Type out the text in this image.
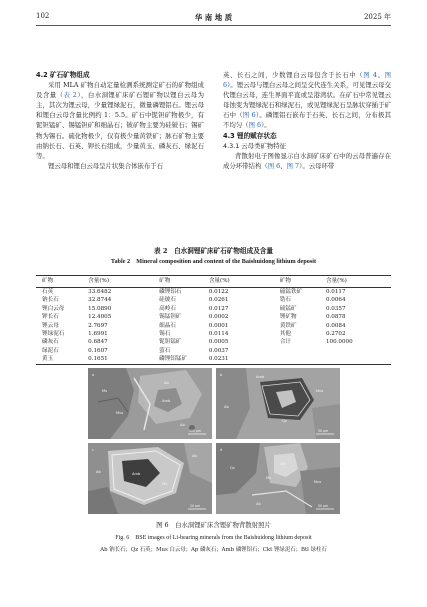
102	华 南 地 质	2025 年

4.2 矿石矿物组成

采用 MLA 矿物自动定量检测系统测定矿石的矿物组成及含量（表 2），白水洞锂矿床矿石锂矿物以锂白云母为主，其次为锂云母，少量锂绿泥石，微量磷锂铝石。锂云母和锂白云母含量比例约 1：5.5。矿石中铌钽矿物极少，有铌钽锰矿、锡锰钽矿和细晶石；铍矿物主要为硅铍石；锡矿物为锡石。硫化物极少，仅有极少量黄铁矿；脉石矿物主要由钠长石、石英、钾长石组成，少量黄玉、磷灰石、绿泥石等。

锂云母和锂白云母呈片状集合体嵌布于石

英、长石之间，少数锂白云母包含于长石中（图 4、图 6）。锂云母与锂白云母之间呈交代连生关系，可见锂云母交代锂白云母，连生界面平直或呈港湾状。在矿石中常见锂云母蚀变为锂绿泥石和绿泥石，或见锂绿泥石呈脉状穿插于矿石中（图 6）。磷锂铝石嵌布于石英、长石之间，分布极其不均匀（图 6）。

4.3 锂的赋存状态

4.3.1 云母类矿物特征

背散射电子图像显示白水洞矿床矿石中的云母普遍存在成分环带结构（图 6、图 7）。云母环带

表 2　白水洞锂矿床矿石矿物组成及含量
Table 2　Mineral composition and content of the Baishuidong lithium deposit
矿物	含量(%)	矿物	含量(%)	矿物	含量(%)
石英	33.6482	磷锂铝石	0.0122	硫锰铁矿	0.0117
钠长石	32.8744	硅铍石	0.0261	锆石	0.0064
锂白云母	15.0890	高岭石	0.0127	硫锰矿	0.0357
钾长石	12.4005	锡锰钽矿	0.0002	锂矿物	0.0878
锂云母	2.7697	细晶石	0.0001	黄铁矿	0.0084
锂绿泥石	1.6991	锡石	0.0114	其他	0.2702
磷灰石	0.6847	铌钽锰矿	0.0005	合计	100.0000
绿泥石	0.1607	萤石	0.0037		
黄玉	0.1651	磷锂铝锰矿	0.0231		
a
Ms
Mus
Ab
Amb
Ab
100 μm
b	Amb
Ab
Qz
Mus
50 μm
c
Ab	Amb
Ms
Ab
20 μm
d
Qz
Ckt
Ms
Mus
Ab	50 μm
图 6　白水洞锂矿床含锂矿物背散射照片
Fig. 6　BSE images of Li-bearing minerals from the Baishuidong lithium deposit
Ab 钠长石；Qz 石英；Mus 白云母；Ap 磷灰石；Amb 磷锂铝石；Ckt 锂绿泥石；Btl 绿柱石
